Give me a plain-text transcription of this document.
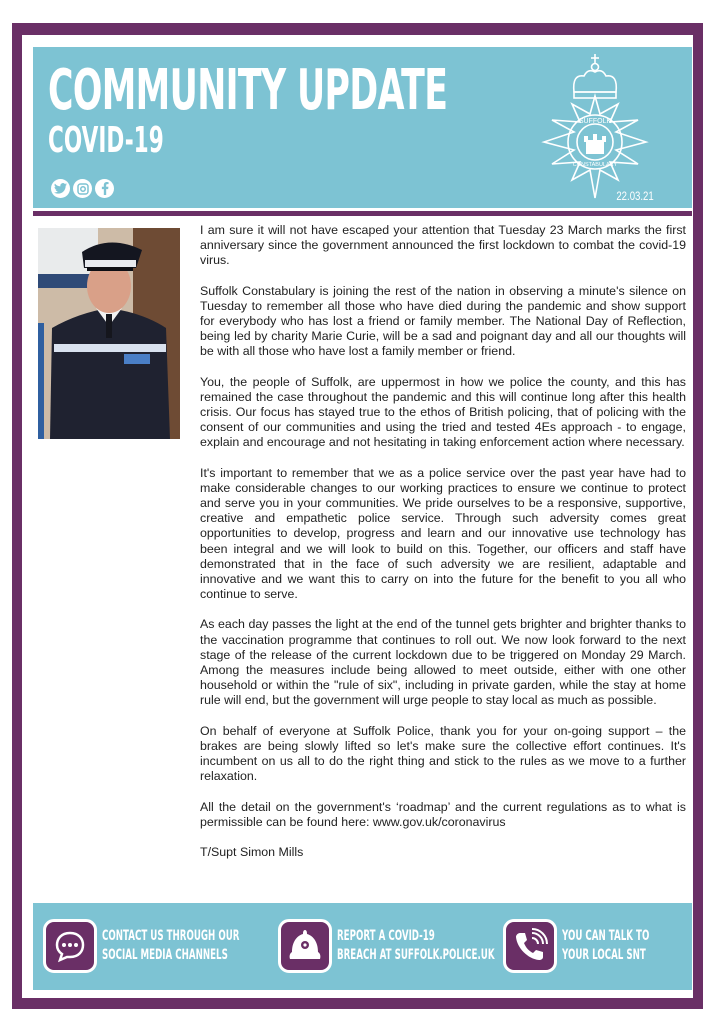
COMMUNITY UPDATE
COVID-19	SUFFOLK
CONSTABULARY
22.03.21

I am sure it will not have escaped your attention that Tuesday 23 March marks the first anniversary since the government announced the first lockdown to combat the covid-19 virus.

Suffolk Constabulary is joining the rest of the nation in observing a minute's silence on Tuesday to remember all those who have died during the pandemic and show support for everybody who has lost a friend or family member. The National Day of Reflection, being led by charity Marie Curie, will be a sad and poignant day and all our thoughts will be with all those who have lost a family member or friend.

You, the people of Suffolk, are uppermost in how we police the county, and this has remained the case throughout the pandemic and this will continue long after this health crisis. Our focus has stayed true to the ethos of British policing, that of policing with the consent of our communities and using the tried and tested 4Es approach - to engage, explain and encourage and not hesitating in taking enforcement action where necessary.

It's important to remember that we as a police service over the past year have had to make considerable changes to our working practices to ensure we continue to protect and serve you in your communities. We pride ourselves to be a responsive, supportive, creative and empathetic police service. Through such adversity comes great opportunities to develop, progress and learn and our innovative use technology has been integral and we will look to build on this. Together, our officers and staff have demonstrated that in the face of such adversity we are resilient, adaptable and innovative and we want this to carry on into the future for the benefit to you all who continue to serve.

As each day passes the light at the end of the tunnel gets brighter and brighter thanks to the vaccination programme that continues to roll out. We now look forward to the next stage of the release of the current lockdown due to be triggered on Monday 29 March. Among the measures include being allowed to meet outside, either with one other household or within the "rule of six", including in private garden, while the stay at home rule will end, but the government will urge people to stay local as much as possible.

On behalf of everyone at Suffolk Police, thank you for your on-going support – the brakes are being slowly lifted so let's make sure the collective effort continues. It's incumbent on us all to do the right thing and stick to the rules as we move to a further relaxation.

All the detail on the government's ‘roadmap’ and the current regulations as to what is permissible can be found here: www.gov.uk/coronavirus

T/Supt Simon Mills

CONTACT US THROUGH OUR
SOCIAL MEDIA CHANNELS
REPORT A COVID-19
BREACH AT SUFFOLK.POLICE.UK
YOU CAN TALK TO
YOUR LOCAL SNT
